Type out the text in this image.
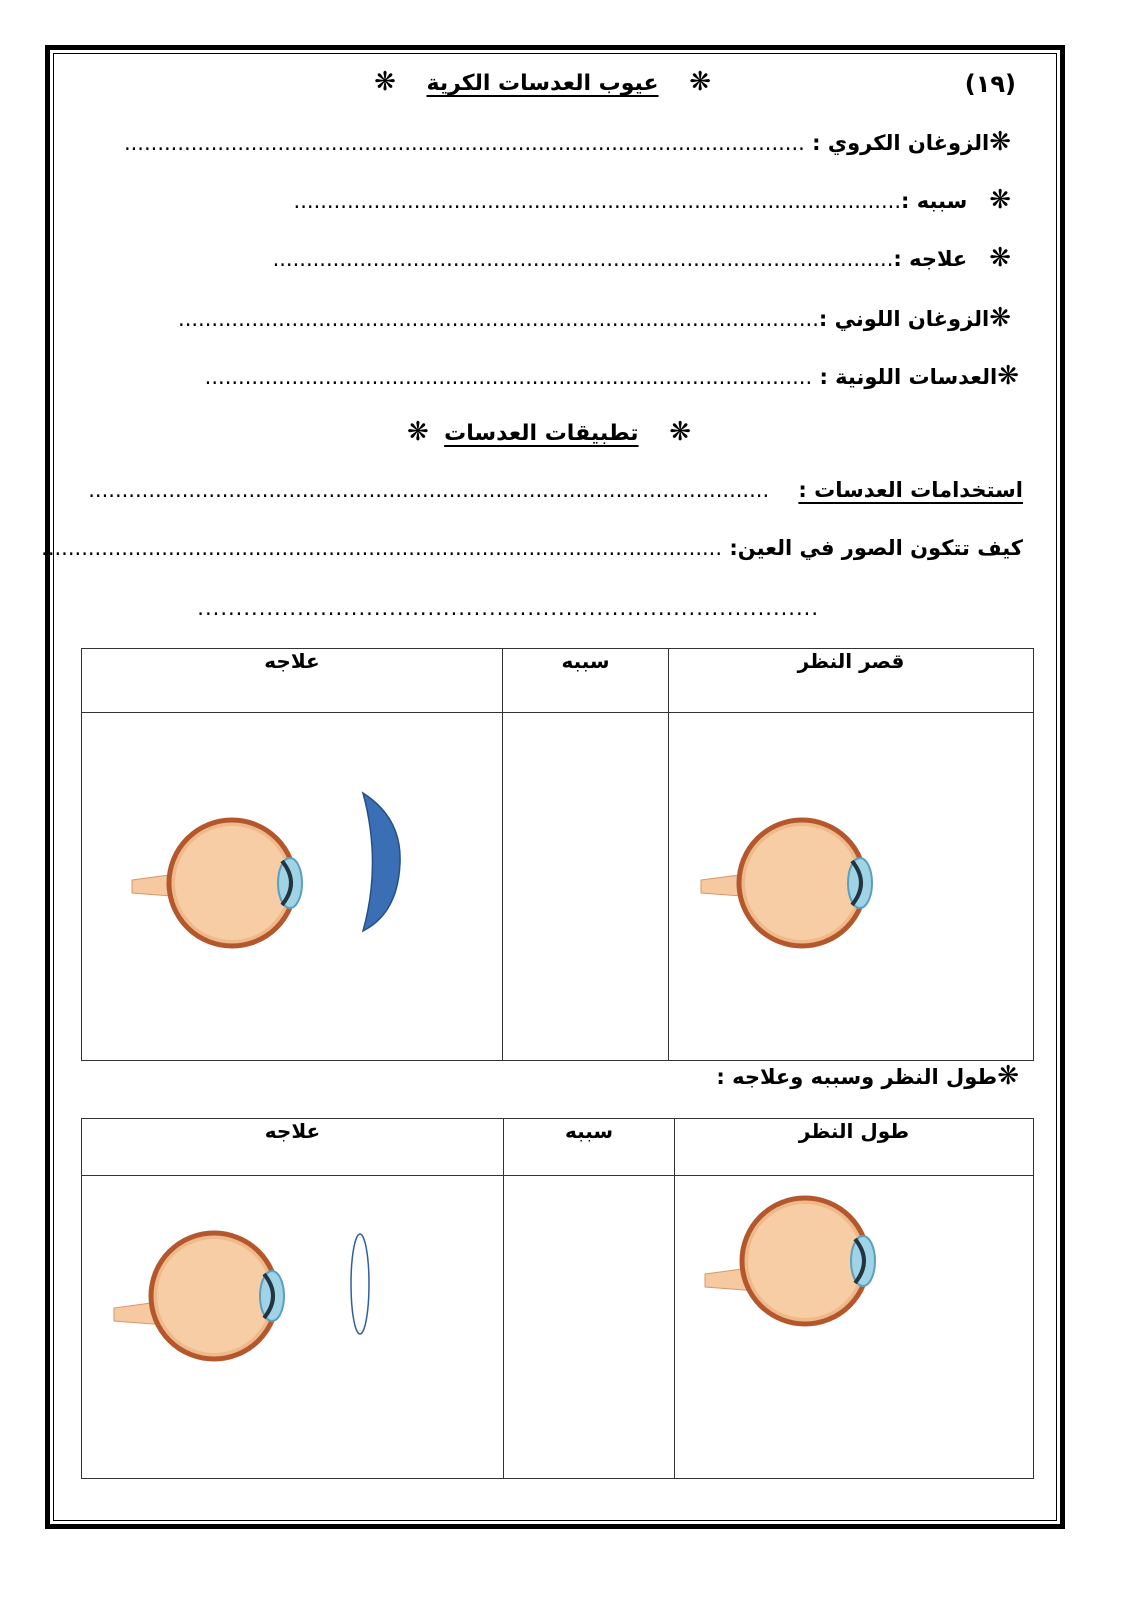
(١٩)
❋    عيوب العدسات الكرية    ❋
❋الزوغان الكروي : ......................................................................................................
❋   سببه :...........................................................................................
❋   علاجه :.............................................................................................
❋الزوغان اللوني :................................................................................................
❋العدسات اللونية : ...........................................................................................
❋    تطبيقات العدسات  ❋
استخدامات العدسات :    ......................................................................................................
كيف تتكون الصور في العين: ......................................................................................................
.................................................................................
علاجه	سببه	قصر النظر

❋طول النظر وسببه وعلاجه :
علاجه	سببه	طول النظر
